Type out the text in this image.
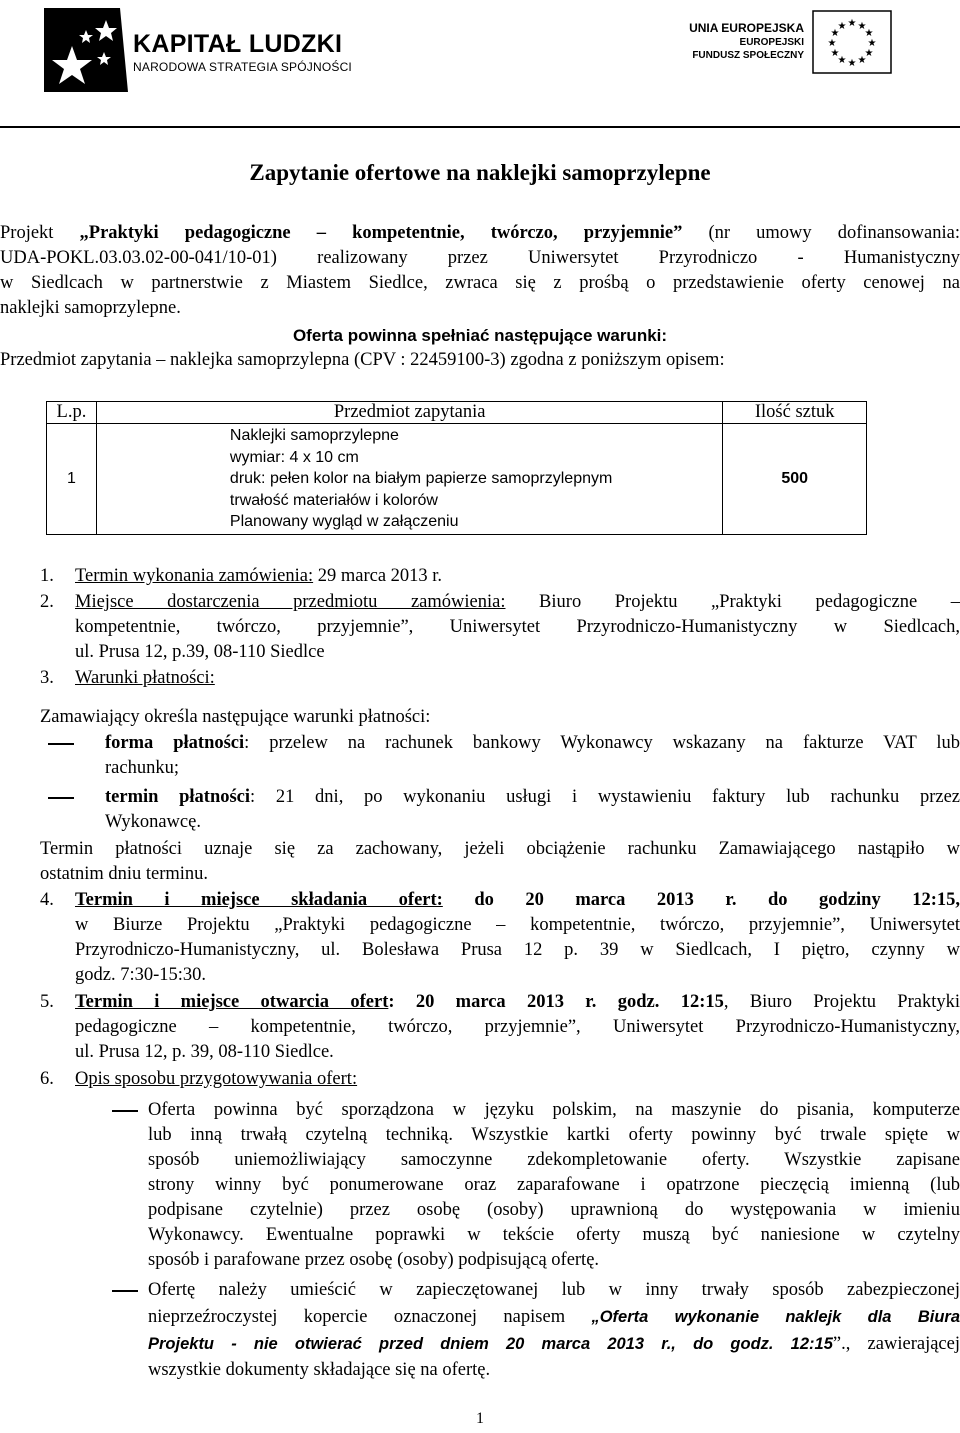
KAPITAŁ LUDZKI
NARODOWA STRATEGIA SPÓJNOŚCI
UNIA EUROPEJSKA
EUROPEJSKI
FUNDUSZ SPOŁECZNY
★ ★
★
★
★
★
★
★
★
★
★
★
Zapytanie ofertowe na naklejki samoprzylepne
Projekt „Praktyki pedagogiczne – kompetentnie, twórczo, przyjemnie” (nr umowy dofinansowania:
UDA-POKL.03.03.02-00-041/10-01) realizowany przez Uniwersytet Przyrodniczo - Humanistyczny
w Siedlcach w partnerstwie z Miastem Siedlce, zwraca się z prośbą o przedstawienie oferty cenowej na
naklejki samoprzylepne.
Oferta powinna spełniać następujące warunki:
Przedmiot zapytania – naklejka samoprzylepna (CPV : 22459100-3) zgodna z poniższym opisem:
L.p.	Przedmiot zapytania	Ilość sztuk
1	Naklejki samoprzylepne
wymiar: 4 x 10 cm
druk: pełen kolor na białym papierze samoprzylepnym
trwałość materiałów i kolorów
Planowany wygląd w załączeniu	500
1. Termin wykonania zamówienia: 29 marca 2013 r.
2. Miejsce dostarczenia przedmiotu zamówienia: Biuro Projektu „Praktyki pedagogiczne –
kompetentnie, twórczo, przyjemnie”, Uniwersytet Przyrodniczo-Humanistyczny w Siedlcach,
ul. Prusa 12, p.39, 08-110 Siedlce
3. Warunki płatności:
Zamawiający określa następujące warunki płatności:
forma płatności: przelew na rachunek bankowy Wykonawcy wskazany na fakturze VAT lub
rachunku;
termin płatności: 21 dni, po wykonaniu usługi i wystawieniu faktury lub rachunku przez
Wykonawcę.
Termin płatności uznaje się za zachowany, jeżeli obciążenie rachunku Zamawiającego nastąpiło w
ostatnim dniu terminu.
4. Termin i miejsce składania ofert: do 20 marca 2013 r. do godziny 12:15,
w Biurze Projektu „Praktyki pedagogiczne – kompetentnie, twórczo, przyjemnie”, Uniwersytet
Przyrodniczo-Humanistyczny, ul. Bolesława Prusa 12 p. 39 w Siedlcach, I piętro, czynny w
godz. 7:30-15:30.
5. Termin i miejsce otwarcia ofert: 20 marca 2013 r. godz. 12:15, Biuro Projektu Praktyki
pedagogiczne – kompetentnie, twórczo, przyjemnie”, Uniwersytet Przyrodniczo-Humanistyczny,
ul. Prusa 12, p. 39, 08-110 Siedlce.
6. Opis sposobu przygotowywania ofert:
Oferta powinna być sporządzona w języku polskim, na maszynie do pisania, komputerze
lub inną trwałą czytelną techniką. Wszystkie kartki oferty powinny być trwale spięte w
sposób uniemożliwiający samoczynne zdekompletowanie oferty. Wszystkie zapisane
strony winny być ponumerowane oraz zaparafowane i opatrzone pieczęcią imienną (lub
podpisane czytelnie) przez osobę (osoby) uprawnioną do występowania w imieniu
Wykonawcy. Ewentualne poprawki w tekście oferty muszą być naniesione w czytelny
sposób i parafowane przez osobę (osoby) podpisującą ofertę.
Ofertę należy umieścić w zapieczętowanej lub w inny trwały sposób zabezpieczonej
nieprzeźroczystej kopercie oznaczonej napisem „Oferta wykonanie naklejk dla Biura
Projektu - nie otwierać przed dniem 20 marca 2013 r., do godz. 12:15”., zawierającej
wszystkie dokumenty składające się na ofertę.
1
